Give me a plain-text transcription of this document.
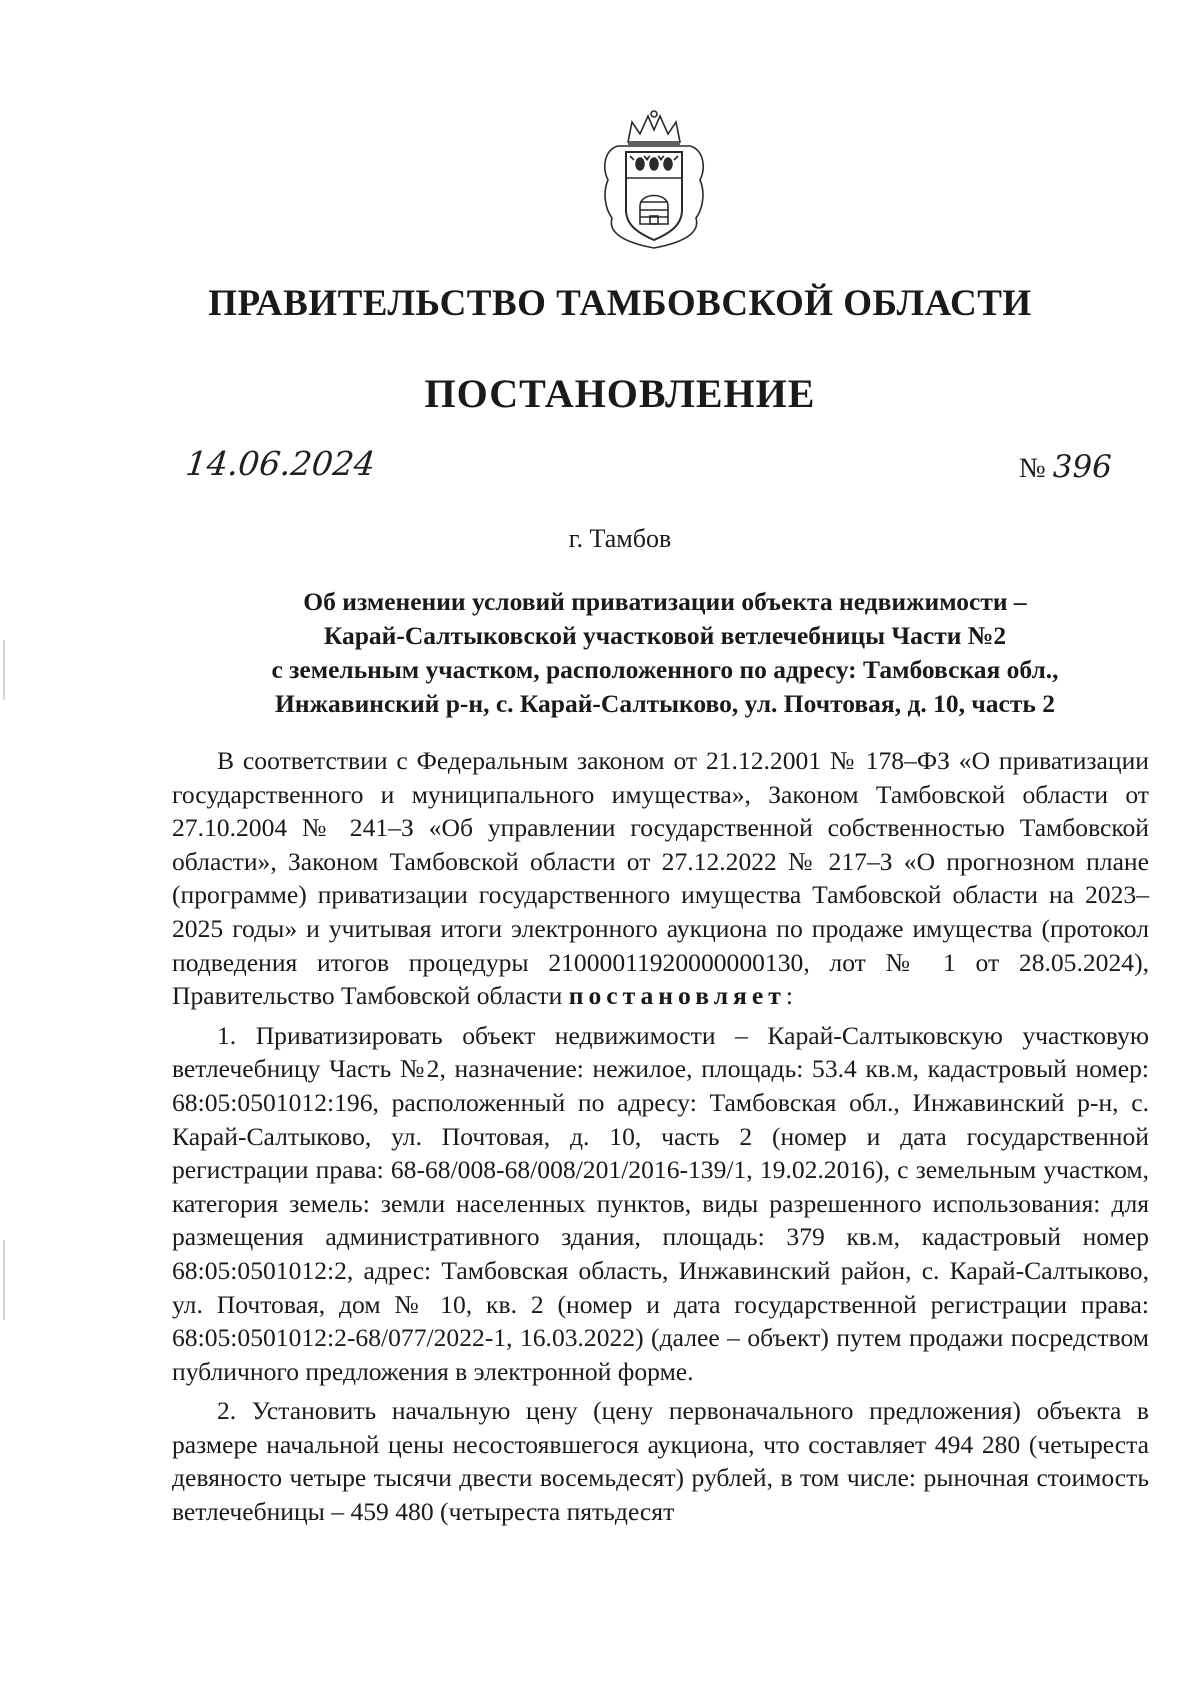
ПРАВИТЕЛЬСТВО ТАМБОВСКОЙ ОБЛАСТИ
ПОСТАНОВЛЕНИЕ
14.06.2024	№ 396
г. Тамбов
Об изменении условий приватизации объекта недвижимости –
Карай-Салтыковской участковой ветлечебницы Части №2
с земельным участком, расположенного по адресу: Тамбовская обл.,
Инжавинский р-н, с. Карай-Салтыково, ул. Почтовая, д. 10, часть 2

В соответствии с Федеральным законом от 21.12.2001 № 178–ФЗ «О приватизации государственного и муниципального имущества», Законом Тамбовской области от 27.10.2004 № 241–З «Об управлении государственной собственностью Тамбовской области», Законом Тамбовской области от 27.12.2022 № 217–З «О прогнозном плане (программе) приватизации государственного имущества Тамбовской области на 2023–2025 годы» и учитывая итоги электронного аукциона по продаже имущества (протокол подведения итогов процедуры 21000011920000000130, лот № 1 от 28.05.2024), Правительство Тамбовской области постановляет:

1. Приватизировать объект недвижимости – Карай-Салтыковскую участковую ветлечебницу Часть №2, назначение: нежилое, площадь: 53.4 кв.м, кадастровый номер: 68:05:0501012:196, расположенный по адресу: Тамбовская обл., Инжавинский р-н, с. Карай-Салтыково, ул. Почтовая, д. 10, часть 2 (номер и дата государственной регистрации права: 68-68/008-68/008/201/2016-139/1, 19.02.2016), с земельным участком, категория земель: земли населенных пунктов, виды разрешенного использования: для размещения административного здания, площадь: 379 кв.м, кадастровый номер 68:05:0501012:2, адрес: Тамбовская область, Инжавинский район, с. Карай-Салтыково, ул. Почтовая, дом № 10, кв. 2 (номер и дата государственной регистрации права: 68:05:0501012:2-68/077/2022-1, 16.03.2022) (далее – объект) путем продажи посредством публичного предложения в электронной форме.

2. Установить начальную цену (цену первоначального предложения) объекта в размере начальной цены несостоявшегося аукциона, что составляет 494 280 (четыреста девяносто четыре тысячи двести восемьдесят) рублей, в том числе: рыночная стоимость ветлечебницы – 459 480 (четыреста пятьдесят
